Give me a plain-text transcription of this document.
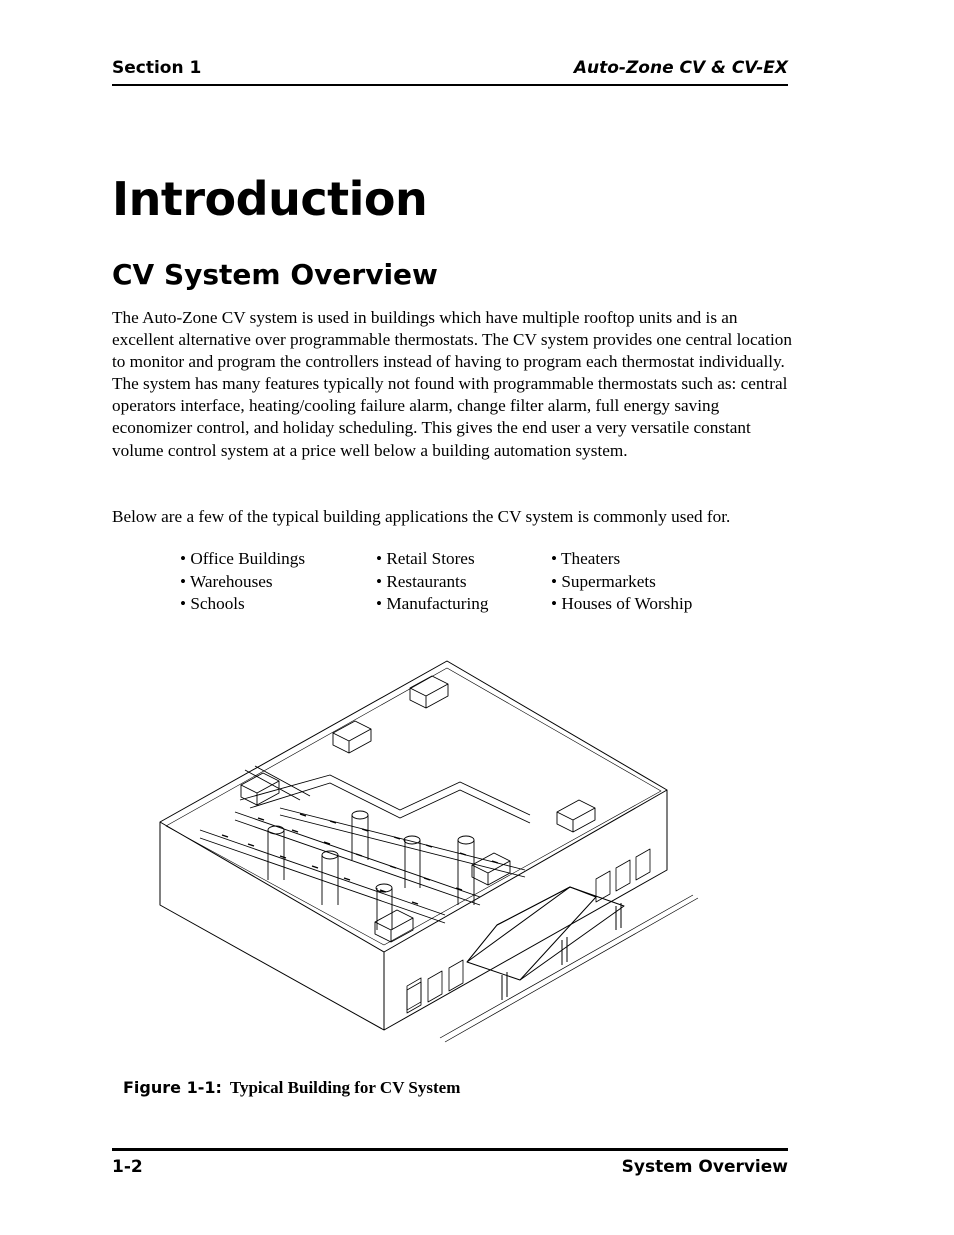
Section 1	Auto-Zone CV & CV-EX
Introduction
CV System Overview

The Auto-Zone CV system is used in buildings which have multiple rooftop units and is an excellent alternative over programmable thermostats. The CV system provides one central location to monitor and program the controllers instead of having to program each thermostat individually. The system has many features typically not found with programmable thermostats such as: central operators interface, heating/cooling failure alarm, change filter alarm, full energy saving economizer control, and holiday scheduling. This gives the end user a very versatile constant volume control system at a price well below a building automation system.

Below are a few of the typical building applications the CV system is commonly used for.

• Office Buildings
• Warehouses
• Schools
• Retail Stores
• Restaurants
• Manufacturing
• Theaters
• Supermarkets
• Houses of Worship
Figure 1-1: Typical Building for CV System
1-2	System Overview
